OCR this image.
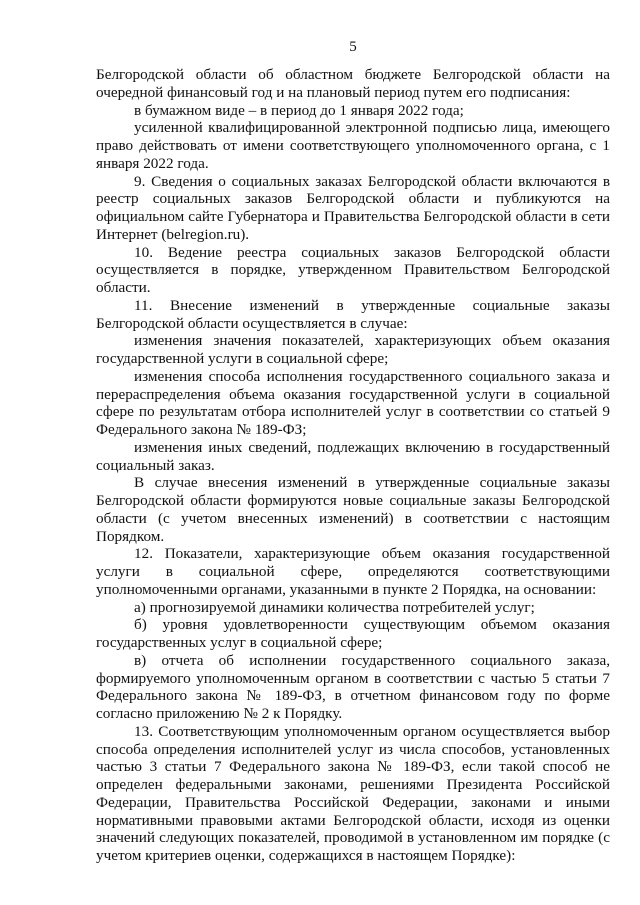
5

Белгородской области об областном бюджете Белгородской области на очередной финансовый год и на плановый период путем его подписания:

в бумажном виде – в период до 1 января 2022 года;

усиленной квалифицированной электронной подписью лица, имеющего право действовать от имени соответствующего уполномоченного органа, с 1 января 2022 года.

9. Сведения о социальных заказах Белгородской области включаются в реестр социальных заказов Белгородской области и публикуются на официальном сайте Губернатора и Правительства Белгородской области в сети Интернет (belregion.ru).

10. Ведение реестра социальных заказов Белгородской области осуществляется в порядке, утвержденном Правительством Белгородской области.

11. Внесение изменений в утвержденные социальные заказы Белгородской области осуществляется в случае:

изменения значения показателей, характеризующих объем оказания государственной услуги в социальной сфере;

изменения способа исполнения государственного социального заказа и перераспределения объема оказания государственной услуги в социальной сфере по результатам отбора исполнителей услуг в соответствии со статьей 9 Федерального закона № 189-ФЗ;

изменения иных сведений, подлежащих включению в государственный социальный заказ.

В случае внесения изменений в утвержденные социальные заказы Белгородской области формируются новые социальные заказы Белгородской области (с учетом внесенных изменений) в соответствии с настоящим Порядком.

12. Показатели, характеризующие объем оказания государственной услуги в социальной сфере, определяются соответствующими уполномоченными органами, указанными в пункте 2 Порядка, на основании:

а) прогнозируемой динамики количества потребителей услуг;

б) уровня удовлетворенности существующим объемом оказания государственных услуг в социальной сфере;

в) отчета об исполнении государственного социального заказа, формируемого уполномоченным органом в соответствии с частью 5 статьи 7 Федерального закона № 189-ФЗ, в отчетном финансовом году по форме согласно приложению № 2 к Порядку.

13. Соответствующим уполномоченным органом осуществляется выбор способа определения исполнителей услуг из числа способов, установленных частью 3 статьи 7 Федерального закона № 189-ФЗ, если такой способ не определен федеральными законами, решениями Президента Российской Федерации, Правительства Российской Федерации, законами и иными нормативными правовыми актами Белгородской области, исходя из оценки значений следующих показателей, проводимой в установленном им порядке (с учетом критериев оценки, содержащихся в настоящем Порядке):
